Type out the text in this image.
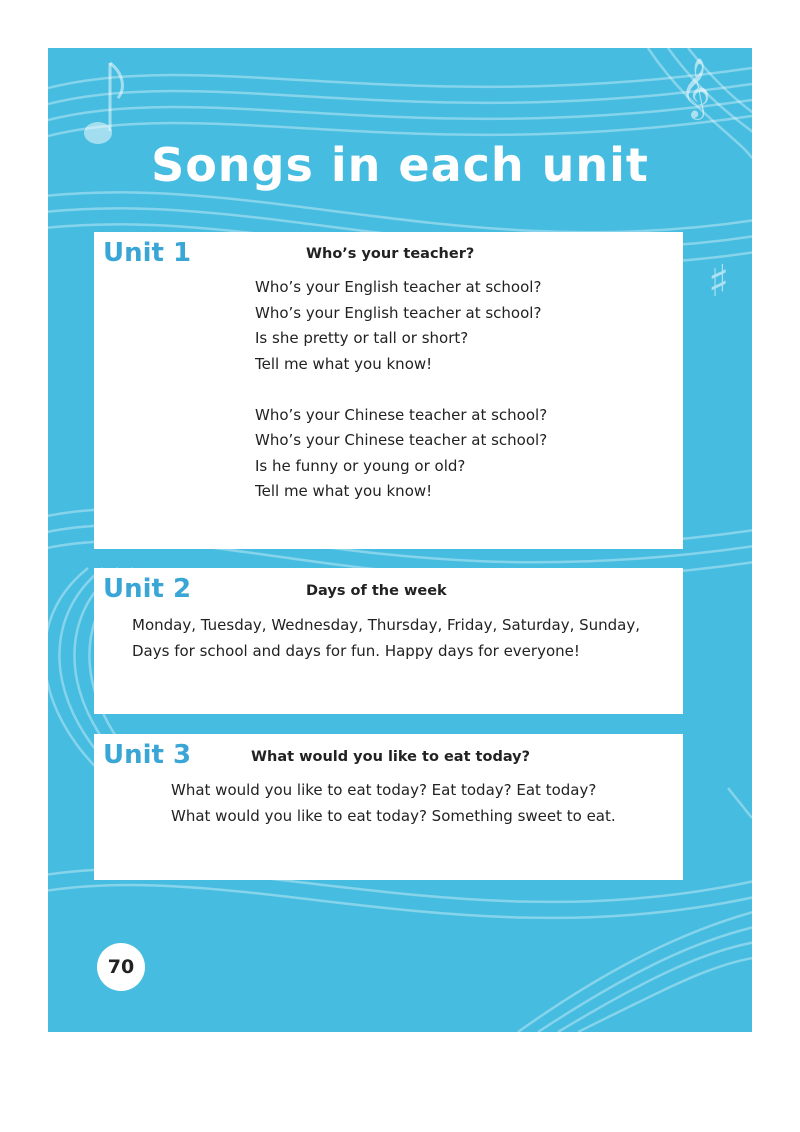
𝄞
♯
Songs in each unit
Unit 1	Who’s your teacher?
Who’s your English teacher at school?
Who’s your English teacher at school?
Is she pretty or tall or short?
Tell me what you know!
Who’s your Chinese teacher at school?
Who’s your Chinese teacher at school?
Is he funny or young or old?
Tell me what you know!
Unit 2	Days of the week
Monday, Tuesday, Wednesday, Thursday, Friday, Saturday, Sunday,
Days for school and days for fun. Happy days for everyone!
Unit 3	What would you like to eat today?
What would you like to eat today? Eat today? Eat today?
What would you like to eat today? Something sweet to eat.
70
